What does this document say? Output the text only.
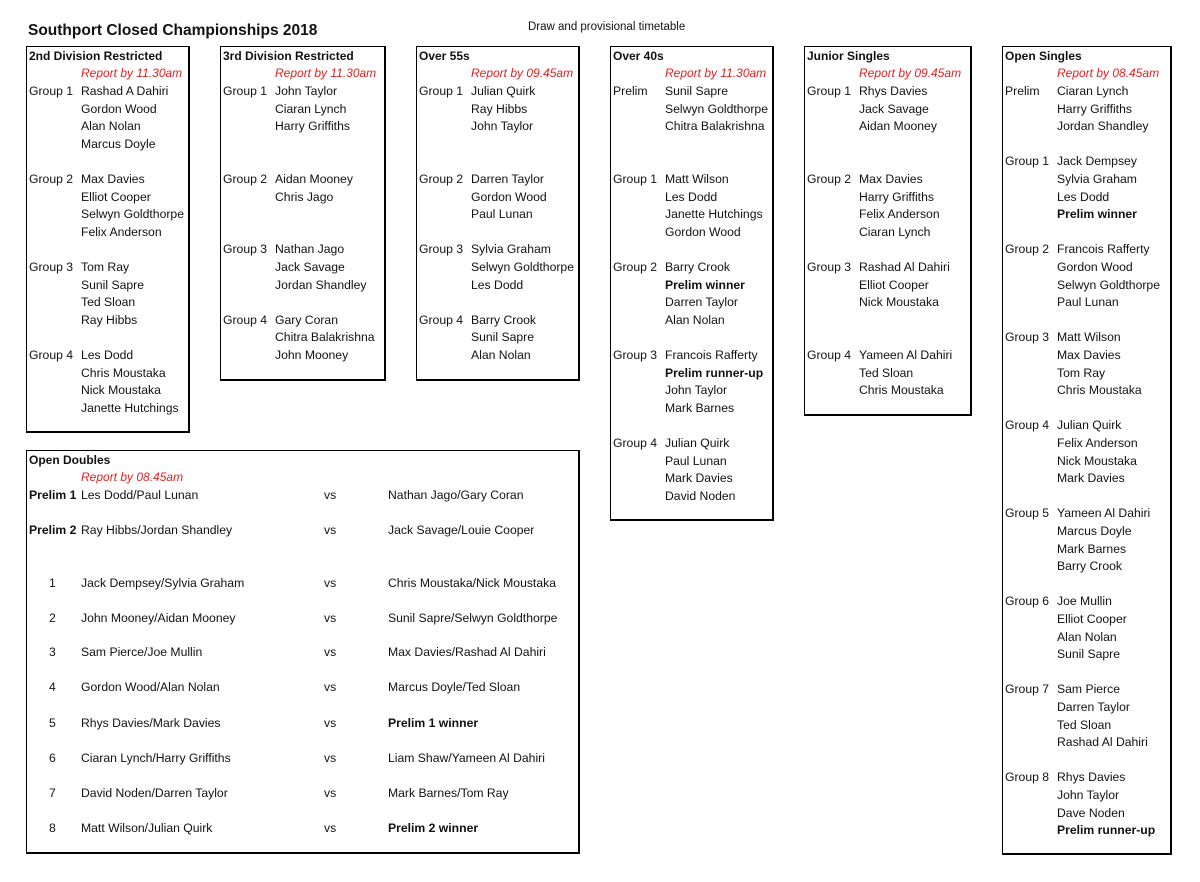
Southport Closed Championships 2018	Draw and provisional timetable
2nd Division Restricted
Report by 11.30am
Group 1 Rashad A Dahiri
Gordon Wood
Alan Nolan
Marcus Doyle
Group 2 Max Davies
Elliot Cooper
Selwyn Goldthorpe
Felix Anderson
Group 3 Tom Ray
Sunil Sapre
Ted Sloan
Ray Hibbs
Group 4 Les Dodd
Chris Moustaka
Nick Moustaka
Janette Hutchings
3rd Division Restricted
Report by 11.30am
Group 1 John Taylor
Ciaran Lynch
Harry Griffiths
Group 2 Aidan Mooney
Chris Jago
Group 3 Nathan Jago
Jack Savage
Jordan Shandley
Group 4 Gary Coran
Chitra Balakrishna
John Mooney
Over 55s
Report by 09.45am
Group 1 Julian Quirk
Ray Hibbs
John Taylor
Group 2 Darren Taylor
Gordon Wood
Paul Lunan
Group 3 Sylvia Graham
Selwyn Goldthorpe
Les Dodd
Group 4 Barry Crook
Sunil Sapre
Alan Nolan
Over 40s
Report by 11.30am
Prelim Sunil Sapre
Selwyn Goldthorpe
Chitra Balakrishna
Group 1 Matt Wilson
Les Dodd
Janette Hutchings
Gordon Wood
Group 2 Barry Crook
Prelim winner
Darren Taylor
Alan Nolan
Group 3 Francois Rafferty
Prelim runner-up
John Taylor
Mark Barnes
Group 4 Julian Quirk
Paul Lunan
Mark Davies
David Noden
Junior Singles
Report by 09.45am
Group 1 Rhys Davies
Jack Savage
Aidan Mooney
Group 2 Max Davies
Harry Griffiths
Felix Anderson
Ciaran Lynch
Group 3 Rashad Al Dahiri
Elliot Cooper
Nick Moustaka
Group 4 Yameen Al Dahiri
Ted Sloan
Chris Moustaka
Open Singles
Report by 08.45am
Prelim Ciaran Lynch
Harry Griffiths
Jordan Shandley
Group 1 Jack Dempsey
Sylvia Graham
Les Dodd
Prelim winner
Group 2 Francois Rafferty
Gordon Wood
Selwyn Goldthorpe
Paul Lunan
Group 3 Matt Wilson
Max Davies
Tom Ray
Chris Moustaka
Group 4 Julian Quirk
Felix Anderson
Nick Moustaka
Mark Davies
Group 5 Yameen Al Dahiri
Marcus Doyle
Mark Barnes
Barry Crook
Group 6 Joe Mullin
Elliot Cooper
Alan Nolan
Sunil Sapre
Group 7 Sam Pierce
Darren Taylor
Ted Sloan
Rashad Al Dahiri
Group 8 Rhys Davies
John Taylor
Dave Noden
Prelim runner-up
Open Doubles
Report by 08.45am
Prelim 1 Les Dodd/Paul Lunan	vs	Nathan Jago/Gary Coran
Prelim 2 Ray Hibbs/Jordan Shandley	vs	Jack Savage/Louie Cooper
1 Jack Dempsey/Sylvia Graham	vs	Chris Moustaka/Nick Moustaka
2 John Mooney/Aidan Mooney	vs	Sunil Sapre/Selwyn Goldthorpe
3 Sam Pierce/Joe Mullin	vs	Max Davies/Rashad Al Dahiri
4 Gordon Wood/Alan Nolan	vs	Marcus Doyle/Ted Sloan
5 Rhys Davies/Mark Davies	vs	Prelim 1 winner
6 Ciaran Lynch/Harry Griffiths	vs	Liam Shaw/Yameen Al Dahiri
7 David Noden/Darren Taylor	vs	Mark Barnes/Tom Ray
8 Matt Wilson/Julian Quirk	vs	Prelim 2 winner
